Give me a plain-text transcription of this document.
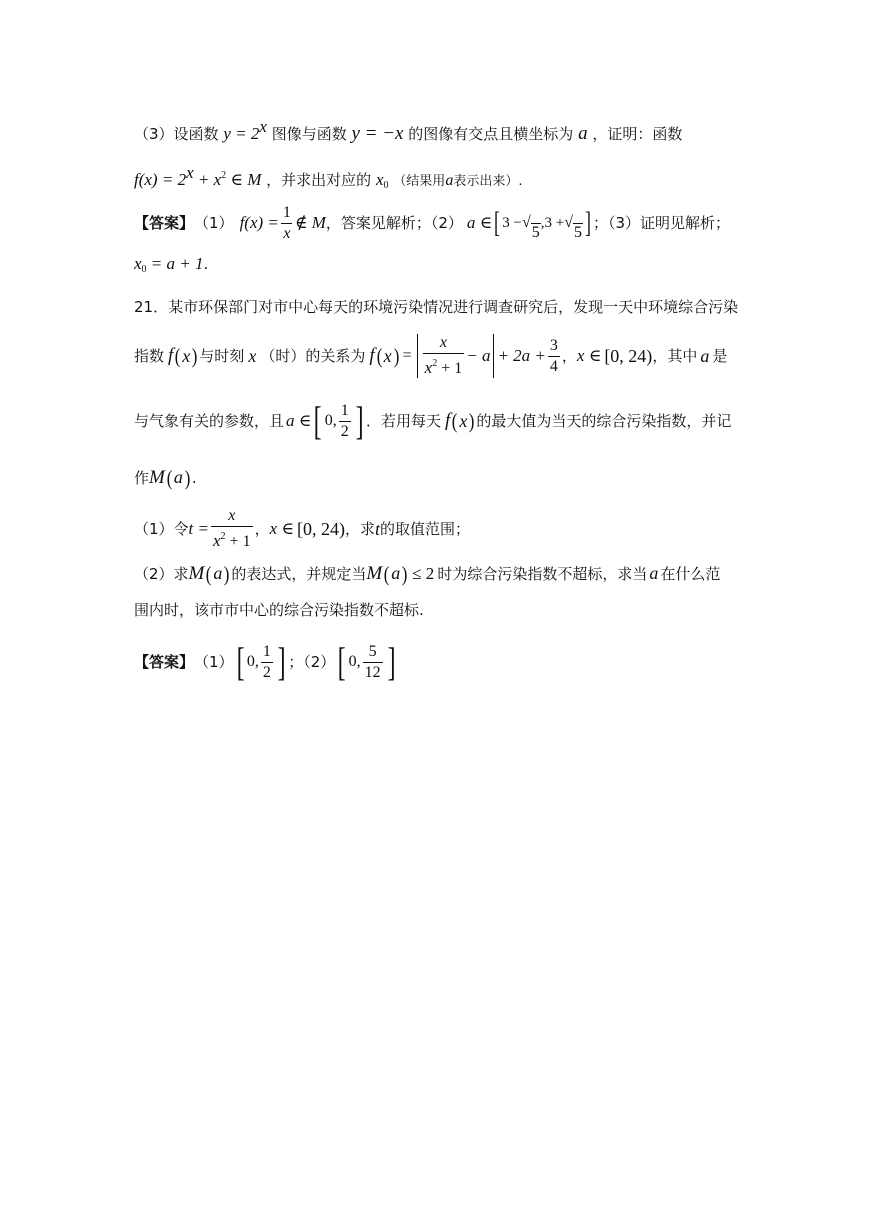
（3）设函数 $y = 2^x$ 图像与函数 y = −x 的图像有交点且横坐标为 a ，证明：函数
$f(x) = 2^x + x^2$ ∈ M ，并求出对应的 $x_0$ （结果用a表示出来）.
【答案】 （1） $f(x) = \frac{1}{x}$ ∉ M ，答案见解析；（2） a ∈ [ 3 − √
5
,3 + √
5 ] ；（3）证明见解析；
$x_0 = a + 1$.
21．某市环保部门对市中心每天的环境污染情况进行调查研究后，发现一天中环境综合污染
指数 f ( x ) 与时刻 x （时）的关系为 f ( x ) = $\frac{x}{x^2 + 1} - a + 2a + \frac{3}{4}$ ， x ∈ [0, 24) ，其中 a 是
与气象有关的参数，且 a ∈ [ 0, $\frac{1}{2}$ ] ．若用每天 f ( x ) 的最大值为当天的综合污染指数，并记
作M(a) .
（1）令 $t = \frac{x}{x^2 + 1}$ ， x ∈ [0, 24) ，求 t 的取值范围；
（2）求M(a) 的表达式，并规定当M(a) ≤ 2 时为综合污染指数不超标，求当 a 在什么范
围内时，该市市中心的综合污染指数不超标.
【答案】 （1） [ 0, $\frac{1}{2}$ ] ；（2） [ 0, $\frac{5}{12}$ ]
